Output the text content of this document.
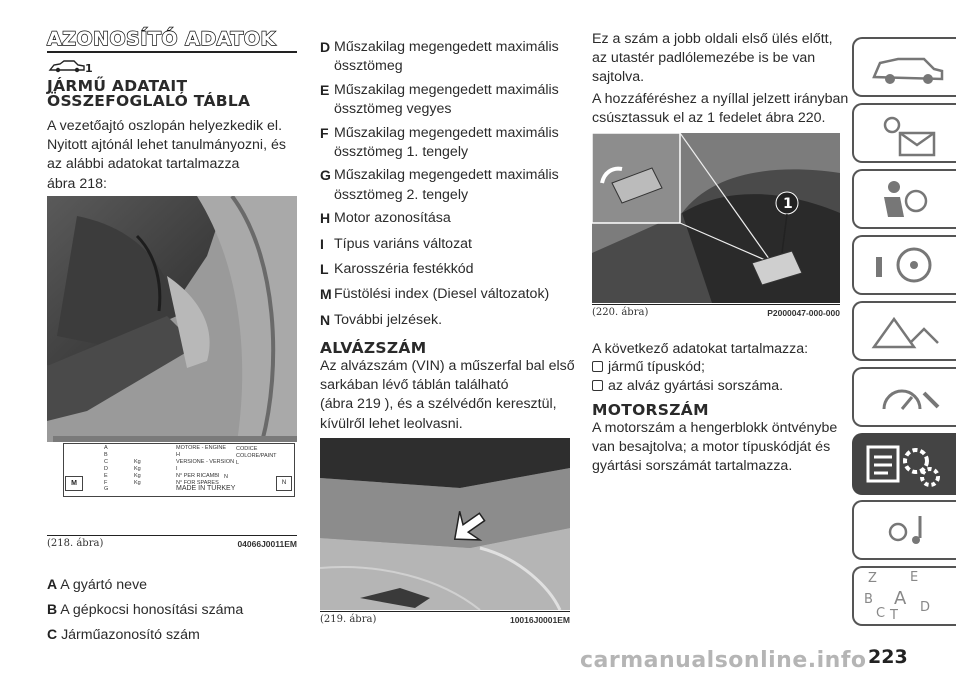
AZONOSÍTÓ ADATOK
1
JÁRMŰ ADATAIT
ÖSSZEFOGLALÓ TÁBLA
A vezetőajtó oszlopán helyezkedik el.
Nyitott ajtónál lehet tanulmányozni, és
az alábbi adatokat tartalmazza
ábra 218:
M
A
B
C
D
E
F
G
Kg
Kg
Kg
Kg
MOTORE - ENGINE
H
VERSIONE - VERSION
I
N° PER RICAMBI
N° FOR SPARES
MADE IN TURKEY
CODICE COLORE/PAINT
L
N
N
(218. ábra)	04066J0011EM
A A gyártó neve
B A gépkocsi honosítási száma
C Járműazonosító szám
D Műszakilag megengedett maximális
össztömeg
E Műszakilag megengedett maximális
össztömeg vegyes
F Műszakilag megengedett maximális
össztömeg 1. tengely
G Műszakilag megengedett maximális
össztömeg 2. tengely
H Motor azonosítása
I Típus variáns változat
L Karosszéria festékkód
M Füstölési index (Diesel változatok)
N További jelzések.
ALVÁZSZÁM
Az alvázszám (VIN) a műszerfal bal első
sarkában lévő táblán található
(ábra 219 ), és a szélvédőn keresztül,
kívülről lehet leolvasni.
(219. ábra)	10016J0001EM
Ez a szám a jobb oldali első ülés előtt,
az utastér padlólemezébe is be van
sajtolva.
A hozzáféréshez a nyíllal jelzett irányban
csúsztassuk el az 1 fedelet ábra 220.
1
(220. ábra)	P2000047-000-000
A következő adatokat tartalmazza:
jármű típuskód;
az alváz gyártási sorszáma.
MOTORSZÁM
A motorszám a hengerblokk öntvénybe
van besajtolva; a motor típuskódját és
gyártási sorszámát tartalmazza.
Z	E
B A
C T
D
223
carmanualsonline.info
